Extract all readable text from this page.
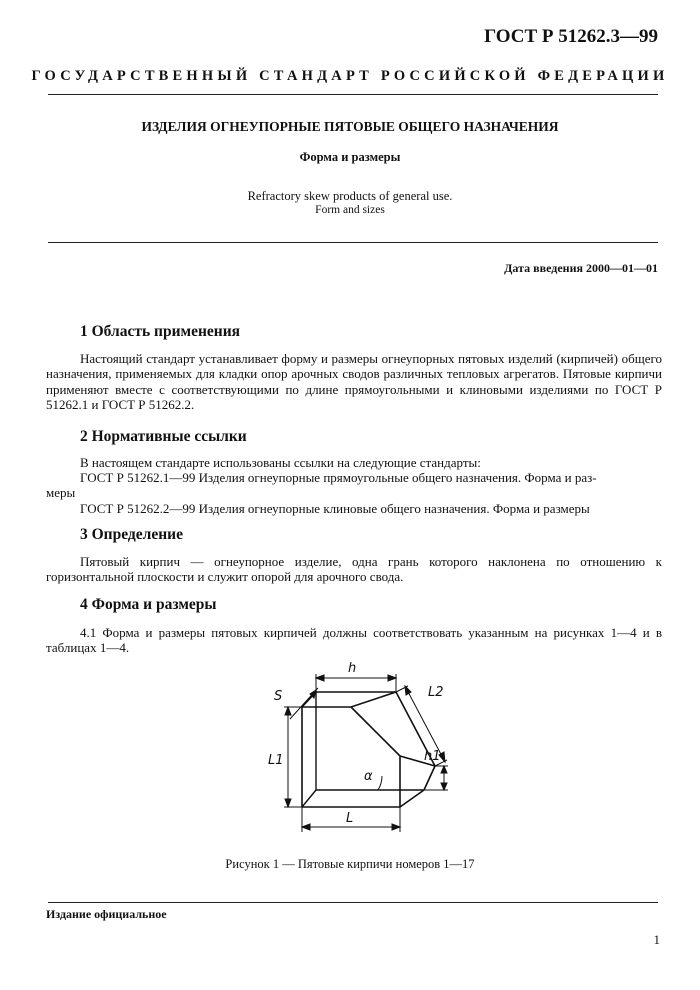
ГОСТ Р 51262.3—99
ГОСУДАРСТВЕННЫЙ СТАНДАРТ РОССИЙСКОЙ ФЕДЕРАЦИИ
ИЗДЕЛИЯ ОГНЕУПОРНЫЕ ПЯТОВЫЕ ОБЩЕГО НАЗНАЧЕНИЯ
Форма и размеры
Refractory skew products of general use.
Form and sizes
Дата введения 2000—01—01
1 Область применения

Настоящий стандарт устанавливает форму и размеры огнеупорных пятовых изделий (кирпичей) общего назначения, применяемых для кладки опор арочных сводов различных тепловых агрегатов. Пятовые кирпичи применяют вместе с соответствующими по длине прямоугольными и клиновыми изделиями по ГОСТ Р 51262.1 и ГОСТ Р 51262.2.

2 Нормативные ссылки
В настоящем стандарте использованы ссылки на следующие стандарты:
ГОСТ Р 51262.1—99 Изделия огнеупорные прямоугольные общего назначения. Форма и раз-
меры
ГОСТ Р 51262.2—99 Изделия огнеупорные клиновые общего назначения. Форма и размеры
3 Определение

Пятовый кирпич — огнеупорное изделие, одна грань которого наклонена по отношению к горизонтальной плоскости и служит опорой для арочного свода.

4 Форма и размеры

4.1 Форма и размеры пятовых кирпичей должны соответствовать указанным на рисунках 1—4 и в таблицах 1—4.

S
h
L2
L1	h1
α
L
Рисунок 1 — Пятовые кирпичи номеров 1—17
Издание официальное
1
